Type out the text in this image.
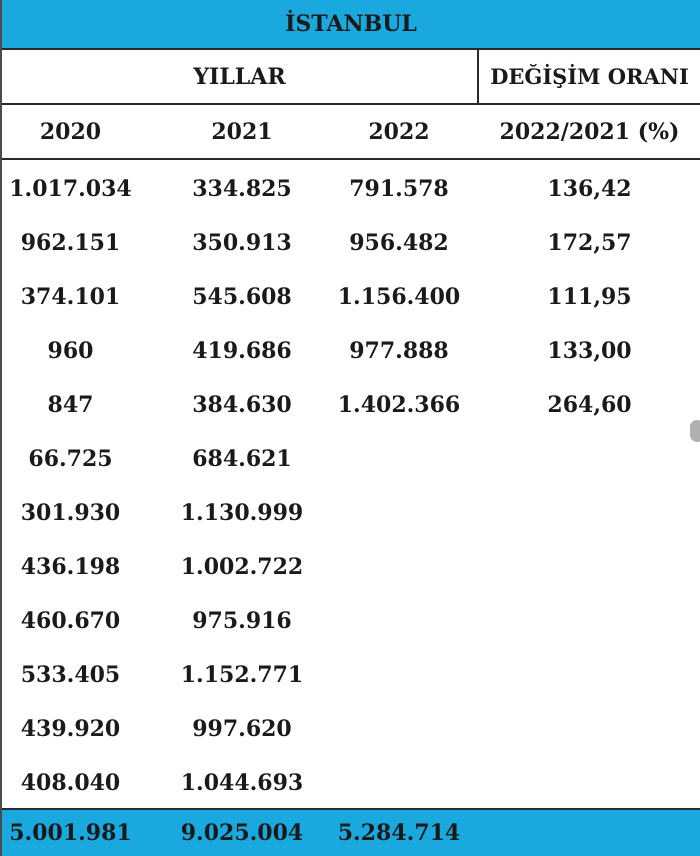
İSTANBUL
YILLAR	DEĞİŞİM ORANI
2020	2021	2022	2022/2021 (%)
1.017.034	334.825	791.578	136,42
962.151	350.913	956.482	172,57
374.101	545.608	1.156.400	111,95
960	419.686	977.888	133,00
847	384.630	1.402.366	264,60
66.725	684.621
301.930	1.130.999
436.198	1.002.722
460.670	975.916
533.405	1.152.771
439.920	997.620
408.040	1.044.693
5.001.981	9.025.004	5.284.714
